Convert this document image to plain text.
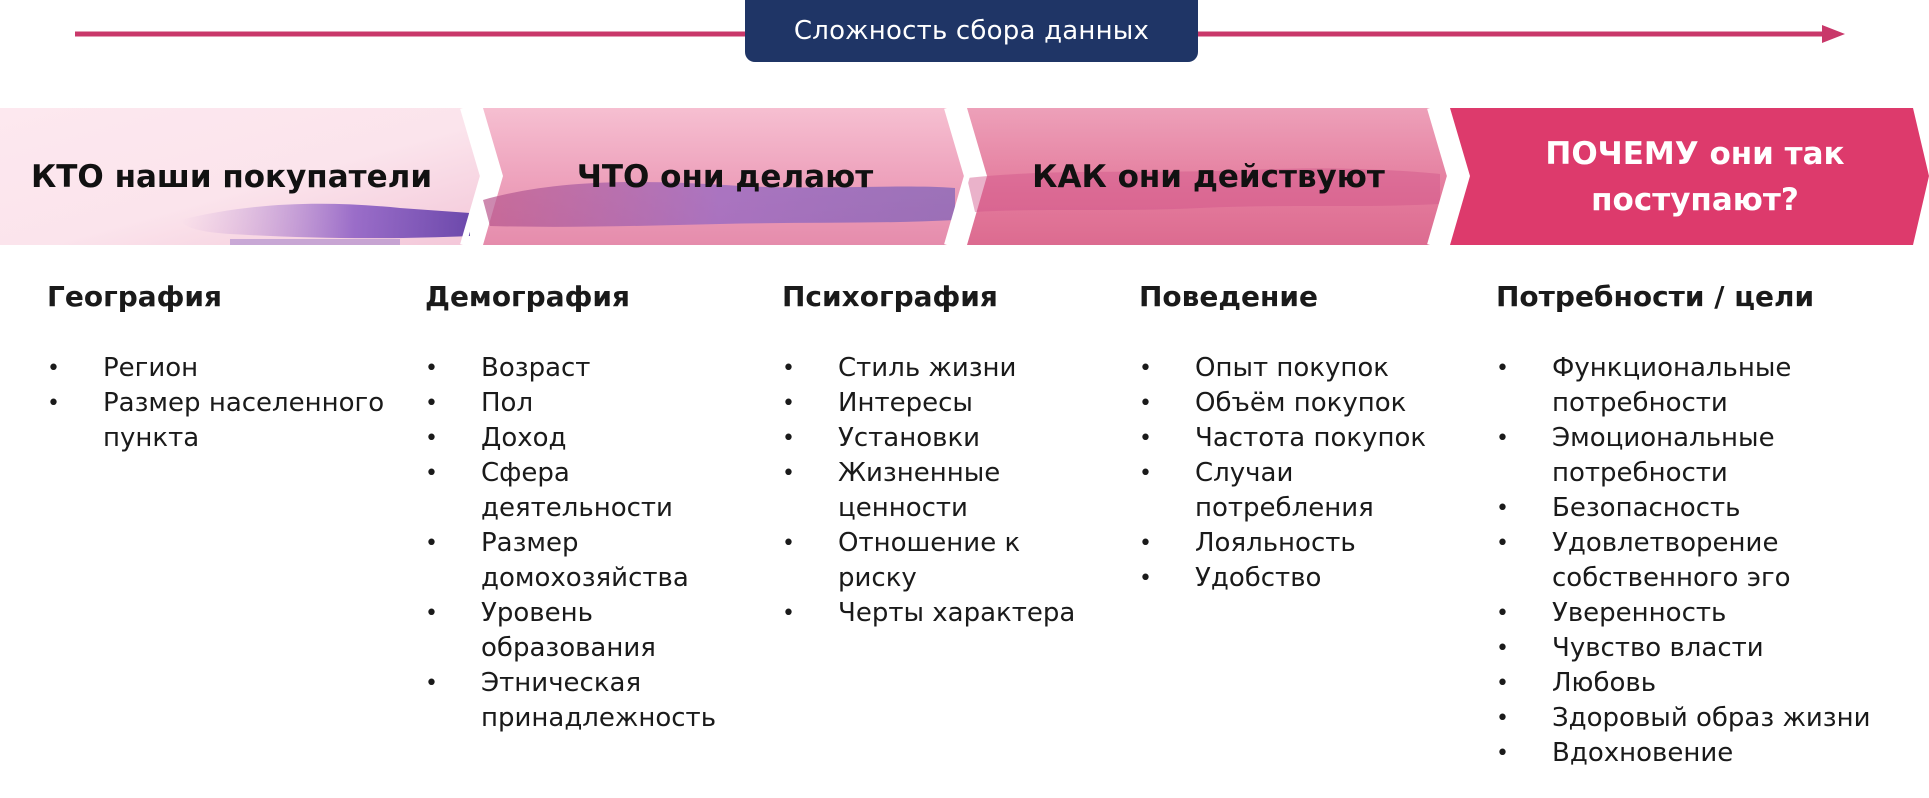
Сложность сбора данных
КТО наши покупатели	ЧТО они делают	КАК они действуют
ПОЧЕМУ они так поступают?
География
• Регион
• Размер населенного пункта
Демография
• Возраст
• Пол
• Доход
• Сфера деятельности
• Размер домохозяйства
• Уровень образования
• Этническая принадлежность
Психография
• Стиль жизни
• Интересы
• Установки
• Жизненные ценности
• Отношение к риску
• Черты характера
Поведение
• Опыт покупок
• Объём покупок
• Частота покупок
• Случаи потребления
• Лояльность
• Удобство
Потребности / цели
• Функциональные потребности
• Эмоциональные потребности
• Безопасность
• Удовлетворение собственного эго
• Уверенность
• Чувство власти
• Любовь
• Здоровый образ жизни
• Вдохновение
